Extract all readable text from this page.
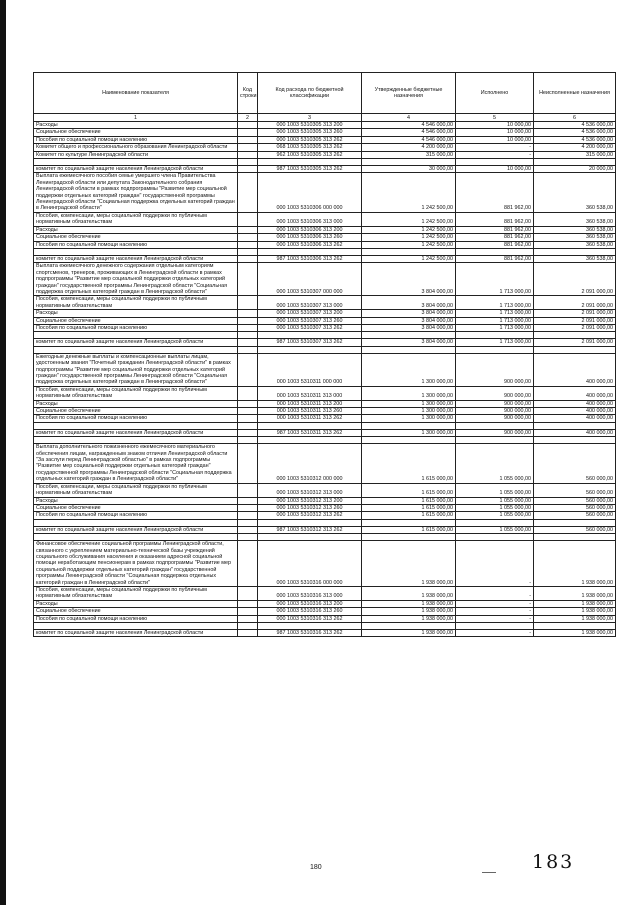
Наименование показателя	Код строки	Код расхода по бюджетной классификации	Утвержденные бюджетные назначения	Исполнено	Неисполненные назначения
1	2	3	4	5	6
Расходы		000 1003 5310305 313 200	4 546 000,00	10 000,00	4 536 000,00
Социальное обеспечение		000 1003 5310305 313 260	4 546 000,00	10 000,00	4 536 000,00
Пособия по социальной помощи населению		000 1003 5310305 313 262	4 546 000,00	10 000,00	4 536 000,00
Комитет общего и профессионального образования Ленинградской области		068 1003 5310305 313 262	4 200 000,00	-	4 200 000,00
Комитет по культуре Ленинградской области		962 1003 5310305 313 262	315 000,00	-	315 000,00

комитет по социальной защите населения Ленинградской области		987 1003 5310305 313 262	30 000,00	10 000,00	20 000,00
Выплата ежемесячного пособия семье умершего члена Правительства Ленинградской области или депутата Законодательного собрания Ленинградской области в рамках подпрограммы "Развитие мер социальной поддержки отдельных категорий граждан" государственной программы Ленинградской области "Социальная поддержка отдельных категорий граждан в Ленинградской области"		000 1003 5310306 000 000	1 242 500,00	881 962,00	360 538,00
Пособия, компенсации, меры социальной поддержки по публичным нормативным обязательствам		000 1003 5310306 313 000	1 242 500,00	881 962,00	360 538,00
Расходы		000 1003 5310306 313 200	1 242 500,00	881 962,00	360 538,00
Социальное обеспечение		000 1003 5310306 313 260	1 242 500,00	881 962,00	360 538,00
Пособия по социальной помощи населению		000 1003 5310306 313 262	1 242 500,00	881 962,00	360 538,00

комитет по социальной защите населения Ленинградской области		987 1003 5310306 313 262	1 242 500,00	881 962,00	360 538,00
Выплата ежемесячного денежного содержания отдельным категориям спортсменов, тренеров, проживающих в Ленинградской области в рамках подпрограммы "Развитие мер социальной поддержки отдельных категорий граждан" государственной программы Ленинградской области "Социальная поддержка отдельных категорий граждан в Ленинградской области"		000 1003 5310307 000 000	3 804 000,00	1 713 000,00	2 091 000,00
Пособия, компенсации, меры социальной поддержки по публичным нормативным обязательствам		000 1003 5310307 313 000	3 804 000,00	1 713 000,00	2 091 000,00
Расходы		000 1003 5310307 313 200	3 804 000,00	1 713 000,00	2 091 000,00
Социальное обеспечение		000 1003 5310307 313 260	3 804 000,00	1 713 000,00	2 091 000,00
Пособия по социальной помощи населению		000 1003 5310307 313 262	3 804 000,00	1 713 000,00	2 091 000,00

комитет по социальной защите населения Ленинградской области		987 1003 5310307 313 262	3 804 000,00	1 713 000,00	2 091 000,00

Ежегодные денежные выплаты и компенсационные выплаты лицам, удостоенным звания "Почетный гражданин Ленинградской области" в рамках подпрограммы "Развитие мер социальной поддержки отдельных категорий граждан" государственной программы Ленинградской области "Социальная поддержка отдельных категорий граждан в Ленинградской области"		000 1003 5310311 000 000	1 300 000,00	900 000,00	400 000,00
Пособия, компенсации, меры социальной поддержки по публичным нормативным обязательствам		000 1003 5310311 313 000	1 300 000,00	900 000,00	400 000,00
Расходы		000 1003 5310311 313 200	1 300 000,00	900 000,00	400 000,00
Социальное обеспечение		000 1003 5310311 313 260	1 300 000,00	900 000,00	400 000,00
Пособия по социальной помощи населению		000 1003 5310311 313 262	1 300 000,00	900 000,00	400 000,00

комитет по социальной защите населения Ленинградской области		987 1003 5310311 313 262	1 300 000,00	900 000,00	400 000,00

Выплата дополнительного пожизненного ежемесячного материального обеспечения лицам, награжденным знаком отличия Ленинградской области "За заслуги перед Ленинградской областью" в рамках подпрограммы "Развитие мер социальной поддержки отдельных категорий граждан" государственной программы Ленинградской области "Социальная поддержка отдельных категорий граждан в Ленинградской области"		000 1003 5310312 000 000	1 615 000,00	1 055 000,00	560 000,00
Пособия, компенсации, меры социальной поддержки по публичным нормативным обязательствам		000 1003 5310312 313 000	1 615 000,00	1 055 000,00	560 000,00
Расходы		000 1003 5310312 313 200	1 615 000,00	1 055 000,00	560 000,00
Социальное обеспечение		000 1003 5310312 313 260	1 615 000,00	1 055 000,00	560 000,00
Пособия по социальной помощи населению		000 1003 5310312 313 262	1 615 000,00	1 055 000,00	560 000,00

комитет по социальной защите населения Ленинградской области		987 1003 5310312 313 262	1 615 000,00	1 055 000,00	560 000,00

Финансовое обеспечение социальной программы Ленинградской области, связанного с укреплением материально-технической базы учреждений социального обслуживания населения и оказанием адресной социальной помощи неработающим пенсионерам в рамках подпрограммы "Развитие мер социальной поддержки отдельных категорий граждан" государственной программы Ленинградской области "Социальная поддержка отдельных категорий граждан в Ленинградской области"		000 1003 5310316 000 000	1 938 000,00	-	1 938 000,00
Пособия, компенсации, меры социальной поддержки по публичным нормативным обязательствам		000 1003 5310316 313 000	1 938 000,00	-	1 938 000,00
Расходы		000 1003 5310316 313 200	1 938 000,00	-	1 938 000,00
Социальное обеспечение		000 1003 5310316 313 260	1 938 000,00	-	1 938 000,00
Пособия по социальной помощи населению		000 1003 5310316 313 262	1 938 000,00	-	1 938 000,00

комитет по социальной защите населения Ленинградской области		987 1003 5310316 313 262	1 938 000,00	-	1 938 000,00
180	183
